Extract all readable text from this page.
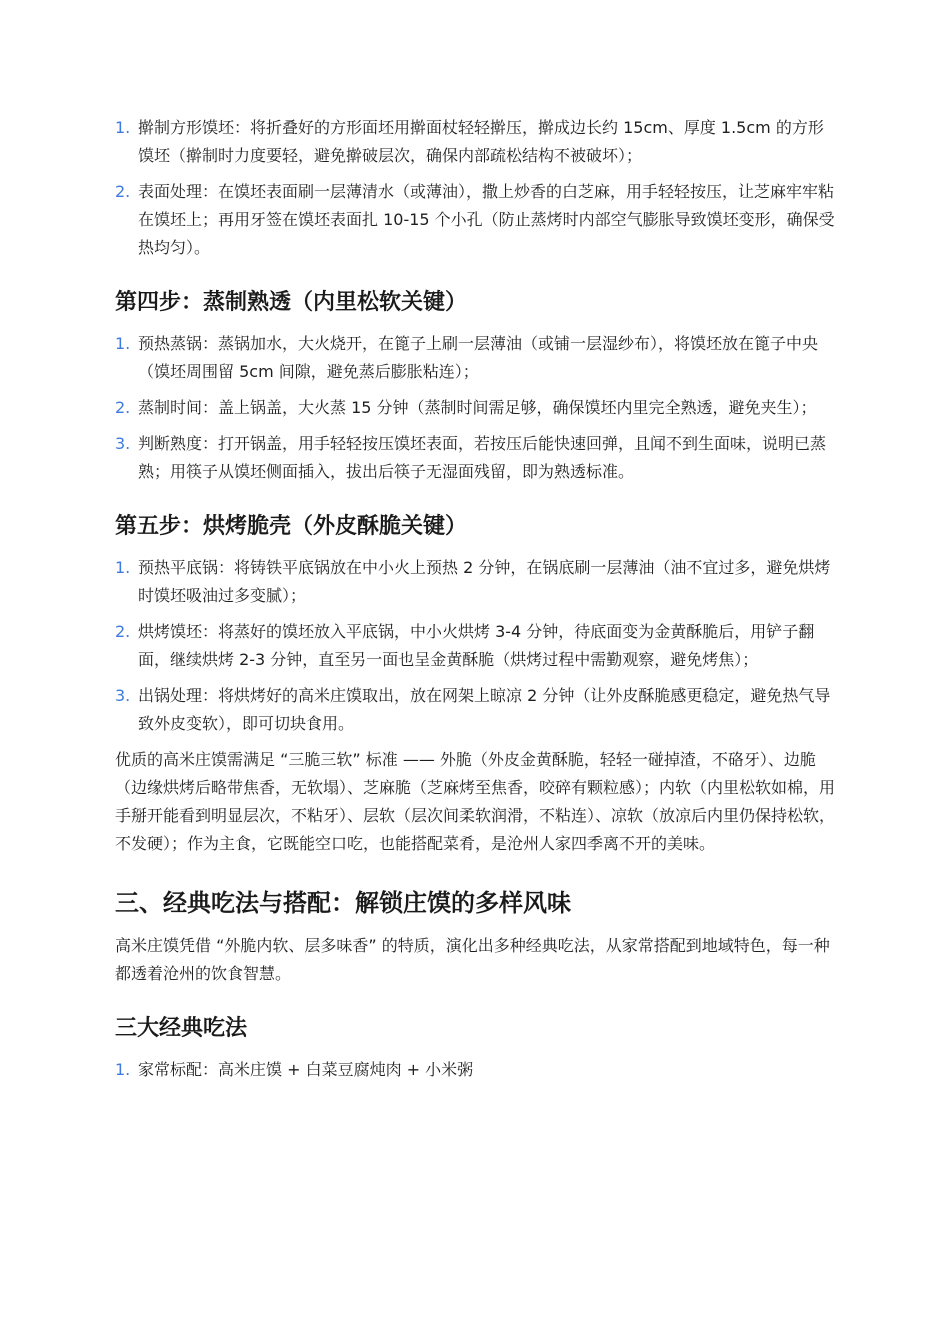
1. 擀制方形馍坯：将折叠好的方形面坯用擀面杖轻轻擀压，擀成边长约 15cm、厚度 1.5cm 的方形馍坯（擀制时力度要轻，避免擀破层次，确保内部疏松结构不被破坏）；
2. 表面处理：在馍坯表面刷一层薄清水（或薄油），撒上炒香的白芝麻，用手轻轻按压，让芝麻牢牢粘在馍坯上；再用牙签在馍坯表面扎 10-15 个小孔（防止蒸烤时内部空气膨胀导致馍坯变形，确保受热均匀）。
第四步：蒸制熟透（内里松软关键）
1. 预热蒸锅：蒸锅加水，大火烧开，在篦子上刷一层薄油（或铺一层湿纱布），将馍坯放在篦子中央（馍坯周围留 5cm 间隙，避免蒸后膨胀粘连）；
2. 蒸制时间：盖上锅盖，大火蒸 15 分钟（蒸制时间需足够，确保馍坯内里完全熟透，避免夹生）；
3. 判断熟度：打开锅盖，用手轻轻按压馍坯表面，若按压后能快速回弹，且闻不到生面味，说明已蒸熟；用筷子从馍坯侧面插入，拔出后筷子无湿面残留，即为熟透标准。
第五步：烘烤脆壳（外皮酥脆关键）
1. 预热平底锅：将铸铁平底锅放在中小火上预热 2 分钟，在锅底刷一层薄油（油不宜过多，避免烘烤时馍坯吸油过多变腻）；
2. 烘烤馍坯：将蒸好的馍坯放入平底锅，中小火烘烤 3-4 分钟，待底面变为金黄酥脆后，用铲子翻面，继续烘烤 2-3 分钟，直至另一面也呈金黄酥脆（烘烤过程中需勤观察，避免烤焦）；
3. 出锅处理：将烘烤好的高米庄馍取出，放在网架上晾凉 2 分钟（让外皮酥脆感更稳定，避免热气导致外皮变软），即可切块食用。

优质的高米庄馍需满足 “三脆三软” 标准 —— 外脆（外皮金黄酥脆，轻轻一碰掉渣，不硌牙）、边脆（边缘烘烤后略带焦香，无软塌）、芝麻脆（芝麻烤至焦香，咬碎有颗粒感）；内软（内里松软如棉，用手掰开能看到明显层次，不粘牙）、层软（层次间柔软润滑，不粘连）、凉软（放凉后内里仍保持松软，不发硬）；作为主食，它既能空口吃，也能搭配菜肴，是沧州人家四季离不开的美味。

三、经典吃法与搭配：解锁庄馍的多样风味

高米庄馍凭借 “外脆内软、层多味香” 的特质，演化出多种经典吃法，从家常搭配到地域特色，每一种都透着沧州的饮食智慧。

三大经典吃法
1. 家常标配：高米庄馍 + 白菜豆腐炖肉 + 小米粥
